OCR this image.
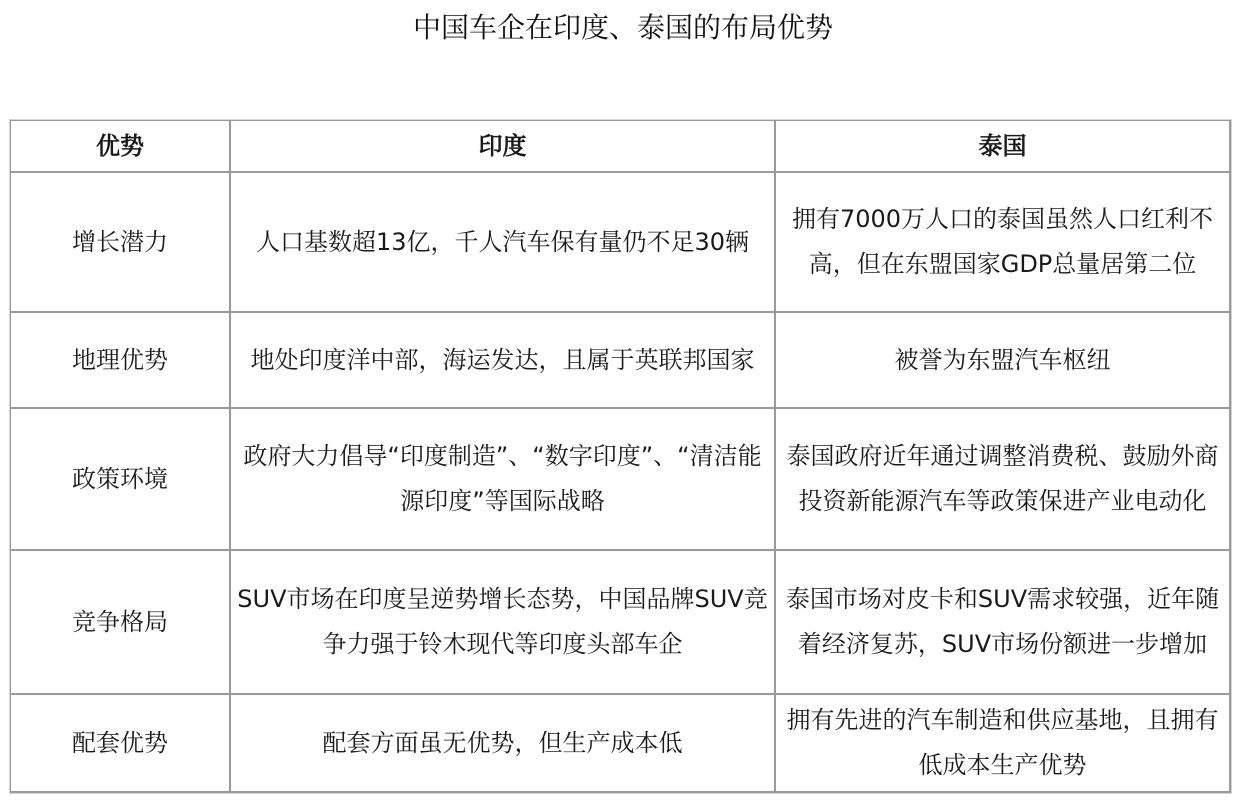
中国车企在印度、泰国的布局优势
优势	印度	泰国
增长潜力	人口基数超13亿，千人汽车保有量仍不足30辆	拥有7000万人口的泰国虽然人口红利不高，但在东盟国家GDP总量居第二位
地理优势	地处印度洋中部，海运发达，且属于英联邦国家	被誉为东盟汽车枢纽
政策环境	政府大力倡导“印度制造”、“数字印度”、“清洁能源印度”等国际战略	泰国政府近年通过调整消费税、鼓励外商投资新能源汽车等政策保进产业电动化
竞争格局	SUV市场在印度呈逆势增长态势，中国品牌SUV竞争力强于铃木现代等印度头部车企	泰国市场对皮卡和SUV需求较强，近年随着经济复苏，SUV市场份额进一步增加
配套优势	配套方面虽无优势，但生产成本低	拥有先进的汽车制造和供应基地，且拥有低成本生产优势
